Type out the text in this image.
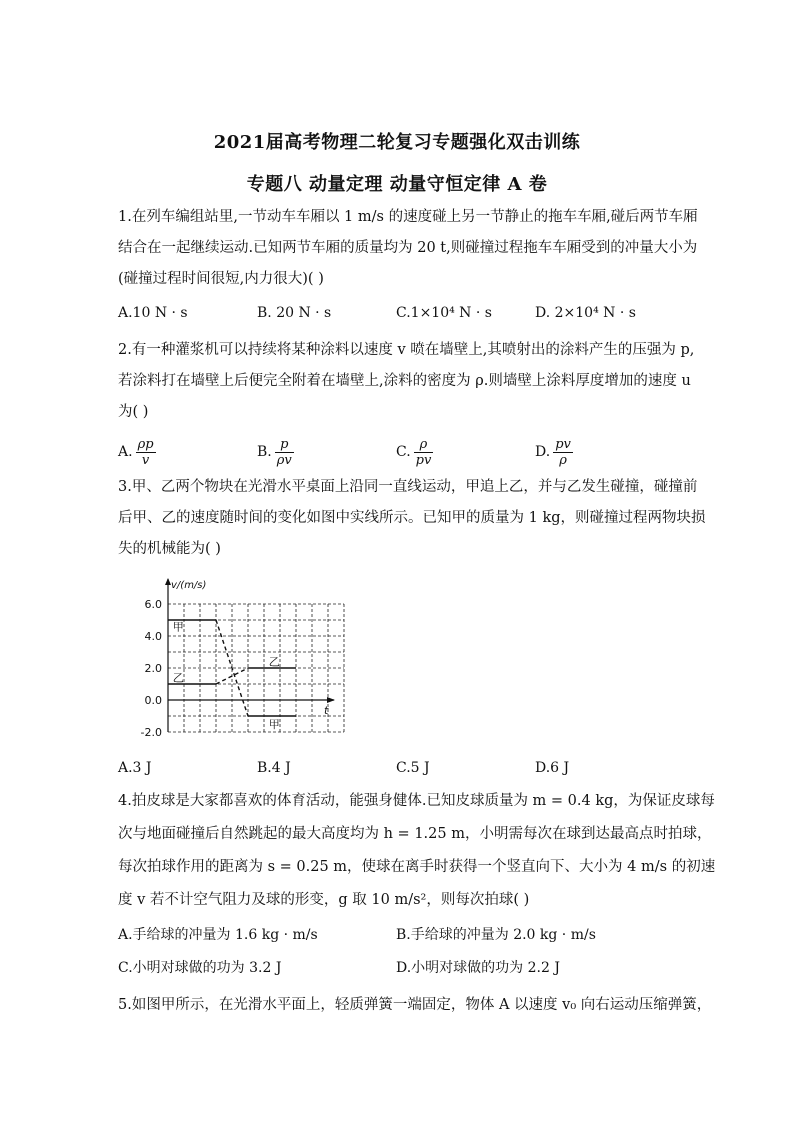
2021届高考物理二轮复习专题强化双击训练
专题八 动量定理 动量守恒定律 A 卷
1.在列车编组站里,一节动车车厢以 1 m/s 的速度碰上另一节静止的拖车车厢,碰后两节车厢
结合在一起继续运动.已知两节车厢的质量均为 20 t,则碰撞过程拖车车厢受到的冲量大小为
(碰撞过程时间很短,内力很大)( )
A.10 N · s	B. 20 N · s	C.1×10⁴ N · s	D. 2×10⁴ N · s
2.有一种灌浆机可以持续将某种涂料以速度 v 喷在墙壁上,其喷射出的涂料产生的压强为 p,
若涂料打在墙壁上后便完全附着在墙壁上,涂料的密度为 ρ.则墙壁上涂料厚度增加的速度 u
为( )
A. $\frac{\rho p}{v}$	B. $\frac{p}{\rho v}$	C. $\frac{\rho}{pv}$	D. $\frac{pv}{\rho}$
3.甲、乙两个物块在光滑水平桌面上沿同一直线运动，甲追上乙，并与乙发生碰撞，碰撞前
后甲、乙的速度随时间的变化如图中实线所示。已知甲的质量为 1 kg，则碰撞过程两物块损
失的机械能为( )
v/(m/s)
t
6.0
4.0
2.0
0.0
-2.0
甲
乙
甲
乙
A.3 J	B.4 J	C.5 J	D.6 J
4.拍皮球是大家都喜欢的体育活动，能强身健体.已知皮球质量为 m = 0.4 kg，为保证皮球每
次与地面碰撞后自然跳起的最大高度均为 h = 1.25 m，小明需每次在球到达最高点时拍球，
每次拍球作用的距离为 s = 0.25 m，使球在离手时获得一个竖直向下、大小为 4 m/s 的初速
度 v 若不计空气阻力及球的形变，g 取 10 m/s²，则每次拍球( )
A.手给球的冲量为 1.6 kg · m/s	B.手给球的冲量为 2.0 kg · m/s
C.小明对球做的功为 3.2 J	D.小明对球做的功为 2.2 J
5.如图甲所示，在光滑水平面上，轻质弹簧一端固定，物体 A 以速度 v₀ 向右运动压缩弹簧，
